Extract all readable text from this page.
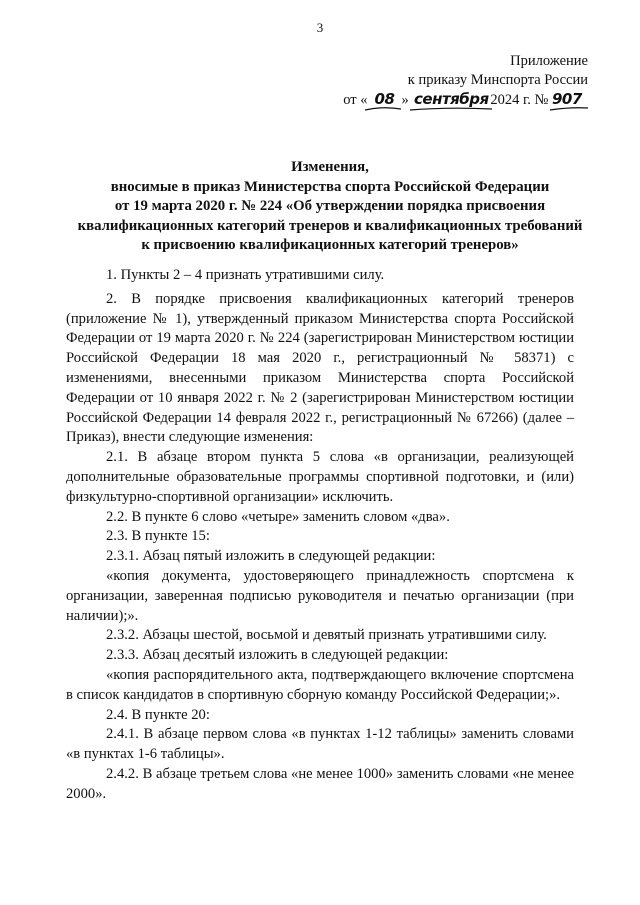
3
Приложение
к приказу Минспорта России
от « 08 » сентября 2024 г. № 907
Изменения,
вносимые в приказ Министерства спорта Российской Федерации
от 19 марта 2020 г. № 224 «Об утверждении порядка присвоения
квалификационных категорий тренеров и квалификационных требований
к присвоению квалификационных категорий тренеров»

1. Пункты 2 – 4 признать утратившими силу.

2. В порядке присвоения квалификационных категорий тренеров (приложение № 1), утвержденный приказом Министерства спорта Российской Федерации от 19 марта 2020 г. № 224 (зарегистрирован Министерством юстиции Российской Федерации 18 мая 2020 г., регистрационный № 58371) с изменениями, внесенными приказом Министерства спорта Российской Федерации от 10 января 2022 г. № 2 (зарегистрирован Министерством юстиции Российской Федерации 14 февраля 2022 г., регистрационный № 67266) (далее – Приказ), внести следующие изменения:

2.1. В абзаце втором пункта 5 слова «в организации, реализующей дополнительные образовательные программы спортивной подготовки, и (или) физкультурно-спортивной организации» исключить.

2.2. В пункте 6 слово «четыре» заменить словом «два».

2.3. В пункте 15:

2.3.1. Абзац пятый изложить в следующей редакции:

«копия документа, удостоверяющего принадлежность спортсмена к организации, заверенная подписью руководителя и печатью организации (при наличии);».

2.3.2. Абзацы шестой, восьмой и девятый признать утратившими силу.

2.3.3. Абзац десятый изложить в следующей редакции:

«копия распорядительного акта, подтверждающего включение спортсмена в список кандидатов в спортивную сборную команду Российской Федерации;».

2.4. В пункте 20:

2.4.1. В абзаце первом слова «в пунктах 1-12 таблицы» заменить словами «в пунктах 1-6 таблицы».

2.4.2. В абзаце третьем слова «не менее 1000» заменить словами «не менее 2000».
